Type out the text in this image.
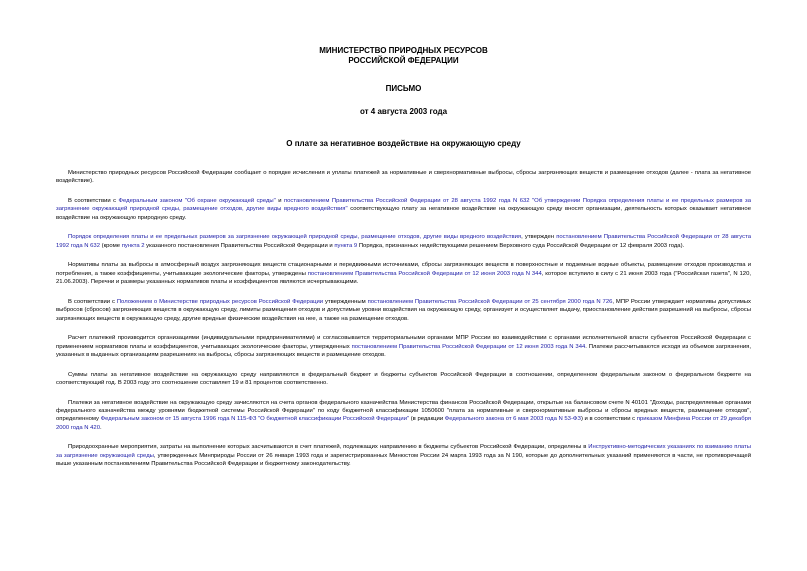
МИНИСТЕРСТВО ПРИРОДНЫХ РЕСУРСОВ
РОССИЙСКОЙ ФЕДЕРАЦИИ
ПИСЬМО
от 4 августа 2003 года
О плате за негативное воздействие на окружающую среду

Министерство природных ресурсов Российской Федерации сообщает о порядке исчисления и уплаты платежей за нормативные и сверхнормативные выбросы, сбросы загрязняющих веществ и размещение отходов (далее - плата за негативное воздействие).

В соответствии с Федеральным законом "Об охране окружающей среды" и постановлением Правительства Российской Федерации от 28 августа 1992 года N 632 "Об утверждении Порядка определения платы и ее предельных размеров за загрязнение окружающей природной среды, размещение отходов, другие виды вредного воздействия" соответствующую плату за негативное воздействие на окружающую среду вносят организации, деятельность которых оказывает негативное воздействие на окружающую природную среду.

Порядок определения платы и ее предельных размеров за загрязнение окружающей природной среды, размещение отходов, другие виды вредного воздействия, утвержден постановлением Правительства Российской Федерации от 28 августа 1992 года N 632 (кроме пункта 2 указанного постановления Правительства Российской Федерации и пункта 9 Порядка, признанных недействующими решением Верховного суда Российской Федерации от 12 февраля 2003 года).

Нормативы платы за выбросы в атмосферный воздух загрязняющих веществ стационарными и передвижными источниками, сбросы загрязняющих веществ в поверхностные и подземные водные объекты, размещение отходов производства и потребления, а также коэффициенты, учитывающие экологические факторы, утверждены постановлением Правительства Российской Федерации от 12 июня 2003 года N 344, которое вступило в силу с 21 июня 2003 года ("Российская газета", N 120, 21.06.2003). Перечни и размеры указанных нормативов платы и коэффициентов являются исчерпывающими.

В соответствии с Положением о Министерстве природных ресурсов Российской Федерации утвержденным постановлением Правительства Российской Федерации от 25 сентября 2000 года N 726, МПР России утверждает нормативы допустимых выбросов (сбросов) загрязняющих веществ в окружающую среду, лимиты размещения отходов и допустимые уровни воздействия на окружающую среду, организует и осуществляет выдачу, приостановление действия разрешений на выбросы, сбросы загрязняющих веществ в окружающую среду, другие вредные физические воздействия на нее, а также на размещение отходов.

Расчет платежей производится организациями (индивидуальными предпринимателями) и согласовывается территориальными органами МПР России во взаимодействии с органами исполнительной власти субъектов Российской Федерации с применением нормативов платы и коэффициентов, учитывающих экологические факторы, утвержденных постановлением Правительства Российской Федерации от 12 июня 2003 года N 344. Платежи рассчитываются исходя из объемов загрязнения, указанных в выданных организациям разрешениях на выбросы, сбросы загрязняющих веществ и размещение отходов.

Суммы платы за негативное воздействие на окружающую среду направляются в федеральный бюджет и бюджеты субъектов Российской Федерации в соотношении, определенном федеральным законом о федеральном бюджете на соответствующий год. В 2003 году это соотношение составляет 19 и 81 процентов соответственно.

Платежи за негативное воздействие на окружающую среду зачисляются на счета органов федерального казначейства Министерства финансов Российской Федерации, открытые на балансовом счете N 40101 "Доходы, распределяемые органами федерального казначейства между уровнями бюджетной системы Российской Федерации" по коду бюджетной классификации 1050600 "плата за нормативные и сверхнормативные выбросы и сбросы вредных веществ, размещение отходов", определенному Федеральным законом от 15 августа 1996 года N 115-ФЗ "О бюджетной классификации Российской Федерации" (в редакции Федерального закона от 6 мая 2003 года N 53-ФЗ) и в соответствии с приказом Минфина России от 29 декабря 2000 года N 420.

Природоохранные мероприятия, затраты на выполнение которых засчитываются в счет платежей, подлежащих направлению в бюджеты субъектов Российской Федерации, определены в Инструктивно-методических указаниях по взиманию платы за загрязнение окружающей среды, утвержденных Минприроды России от 26 января 1993 года и зарегистрированных Минюстом России 24 марта 1993 года за N 190, которые до дополнительных указаний применяются в части, не противоречащей выше указанным постановлениям Правительства Российской Федерации и бюджетному законодательству.
